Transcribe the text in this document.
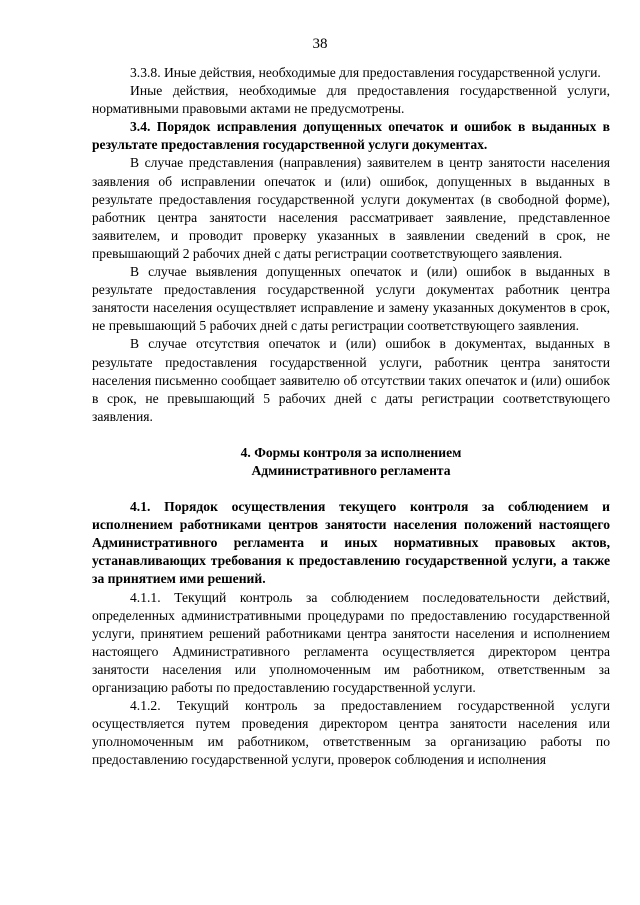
38

3.3.8. Иные действия, необходимые для предоставления государственной услуги.

Иные действия, необходимые для предоставления государственной услуги, нормативными правовыми актами не предусмотрены.

3.4. Порядок исправления допущенных опечаток и ошибок в выданных в результате предоставления государственной услуги документах.

В случае представления (направления) заявителем в центр занятости населения заявления об исправлении опечаток и (или) ошибок, допущенных в выданных в результате предоставления государственной услуги документах (в свободной форме), работник центра занятости населения рассматривает заявление, представленное заявителем, и проводит проверку указанных в заявлении сведений в срок, не превышающий 2 рабочих дней с даты регистрации соответствующего заявления.

В случае выявления допущенных опечаток и (или) ошибок в выданных в результате предоставления государственной услуги документах работник центра занятости населения осуществляет исправление и замену указанных документов в срок, не превышающий 5 рабочих дней с даты регистрации соответствующего заявления.

В случае отсутствия опечаток и (или) ошибок в документах, выданных в результате предоставления государственной услуги, работник центра занятости населения письменно сообщает заявителю об отсутствии таких опечаток и (или) ошибок в срок, не превышающий 5 рабочих дней с даты регистрации соответствующего заявления.

4. Формы контроля за исполнением
Административного регламента

4.1. Порядок осуществления текущего контроля за соблюдением и исполнением работниками центров занятости населения положений настоящего Административного регламента и иных нормативных правовых актов, устанавливающих требования к предоставлению государственной услуги, а также за принятием ими решений.

4.1.1. Текущий контроль за соблюдением последовательности действий, определенных административными процедурами по предоставлению государственной услуги, принятием решений работниками центра занятости населения и исполнением настоящего Административного регламента осуществляется директором центра занятости населения или уполномоченным им работником, ответственным за организацию работы по предоставлению государственной услуги.

4.1.2. Текущий контроль за предоставлением государственной услуги осуществляется путем проведения директором центра занятости населения или уполномоченным им работником, ответственным за организацию работы по предоставлению государственной услуги, проверок соблюдения и исполнения
